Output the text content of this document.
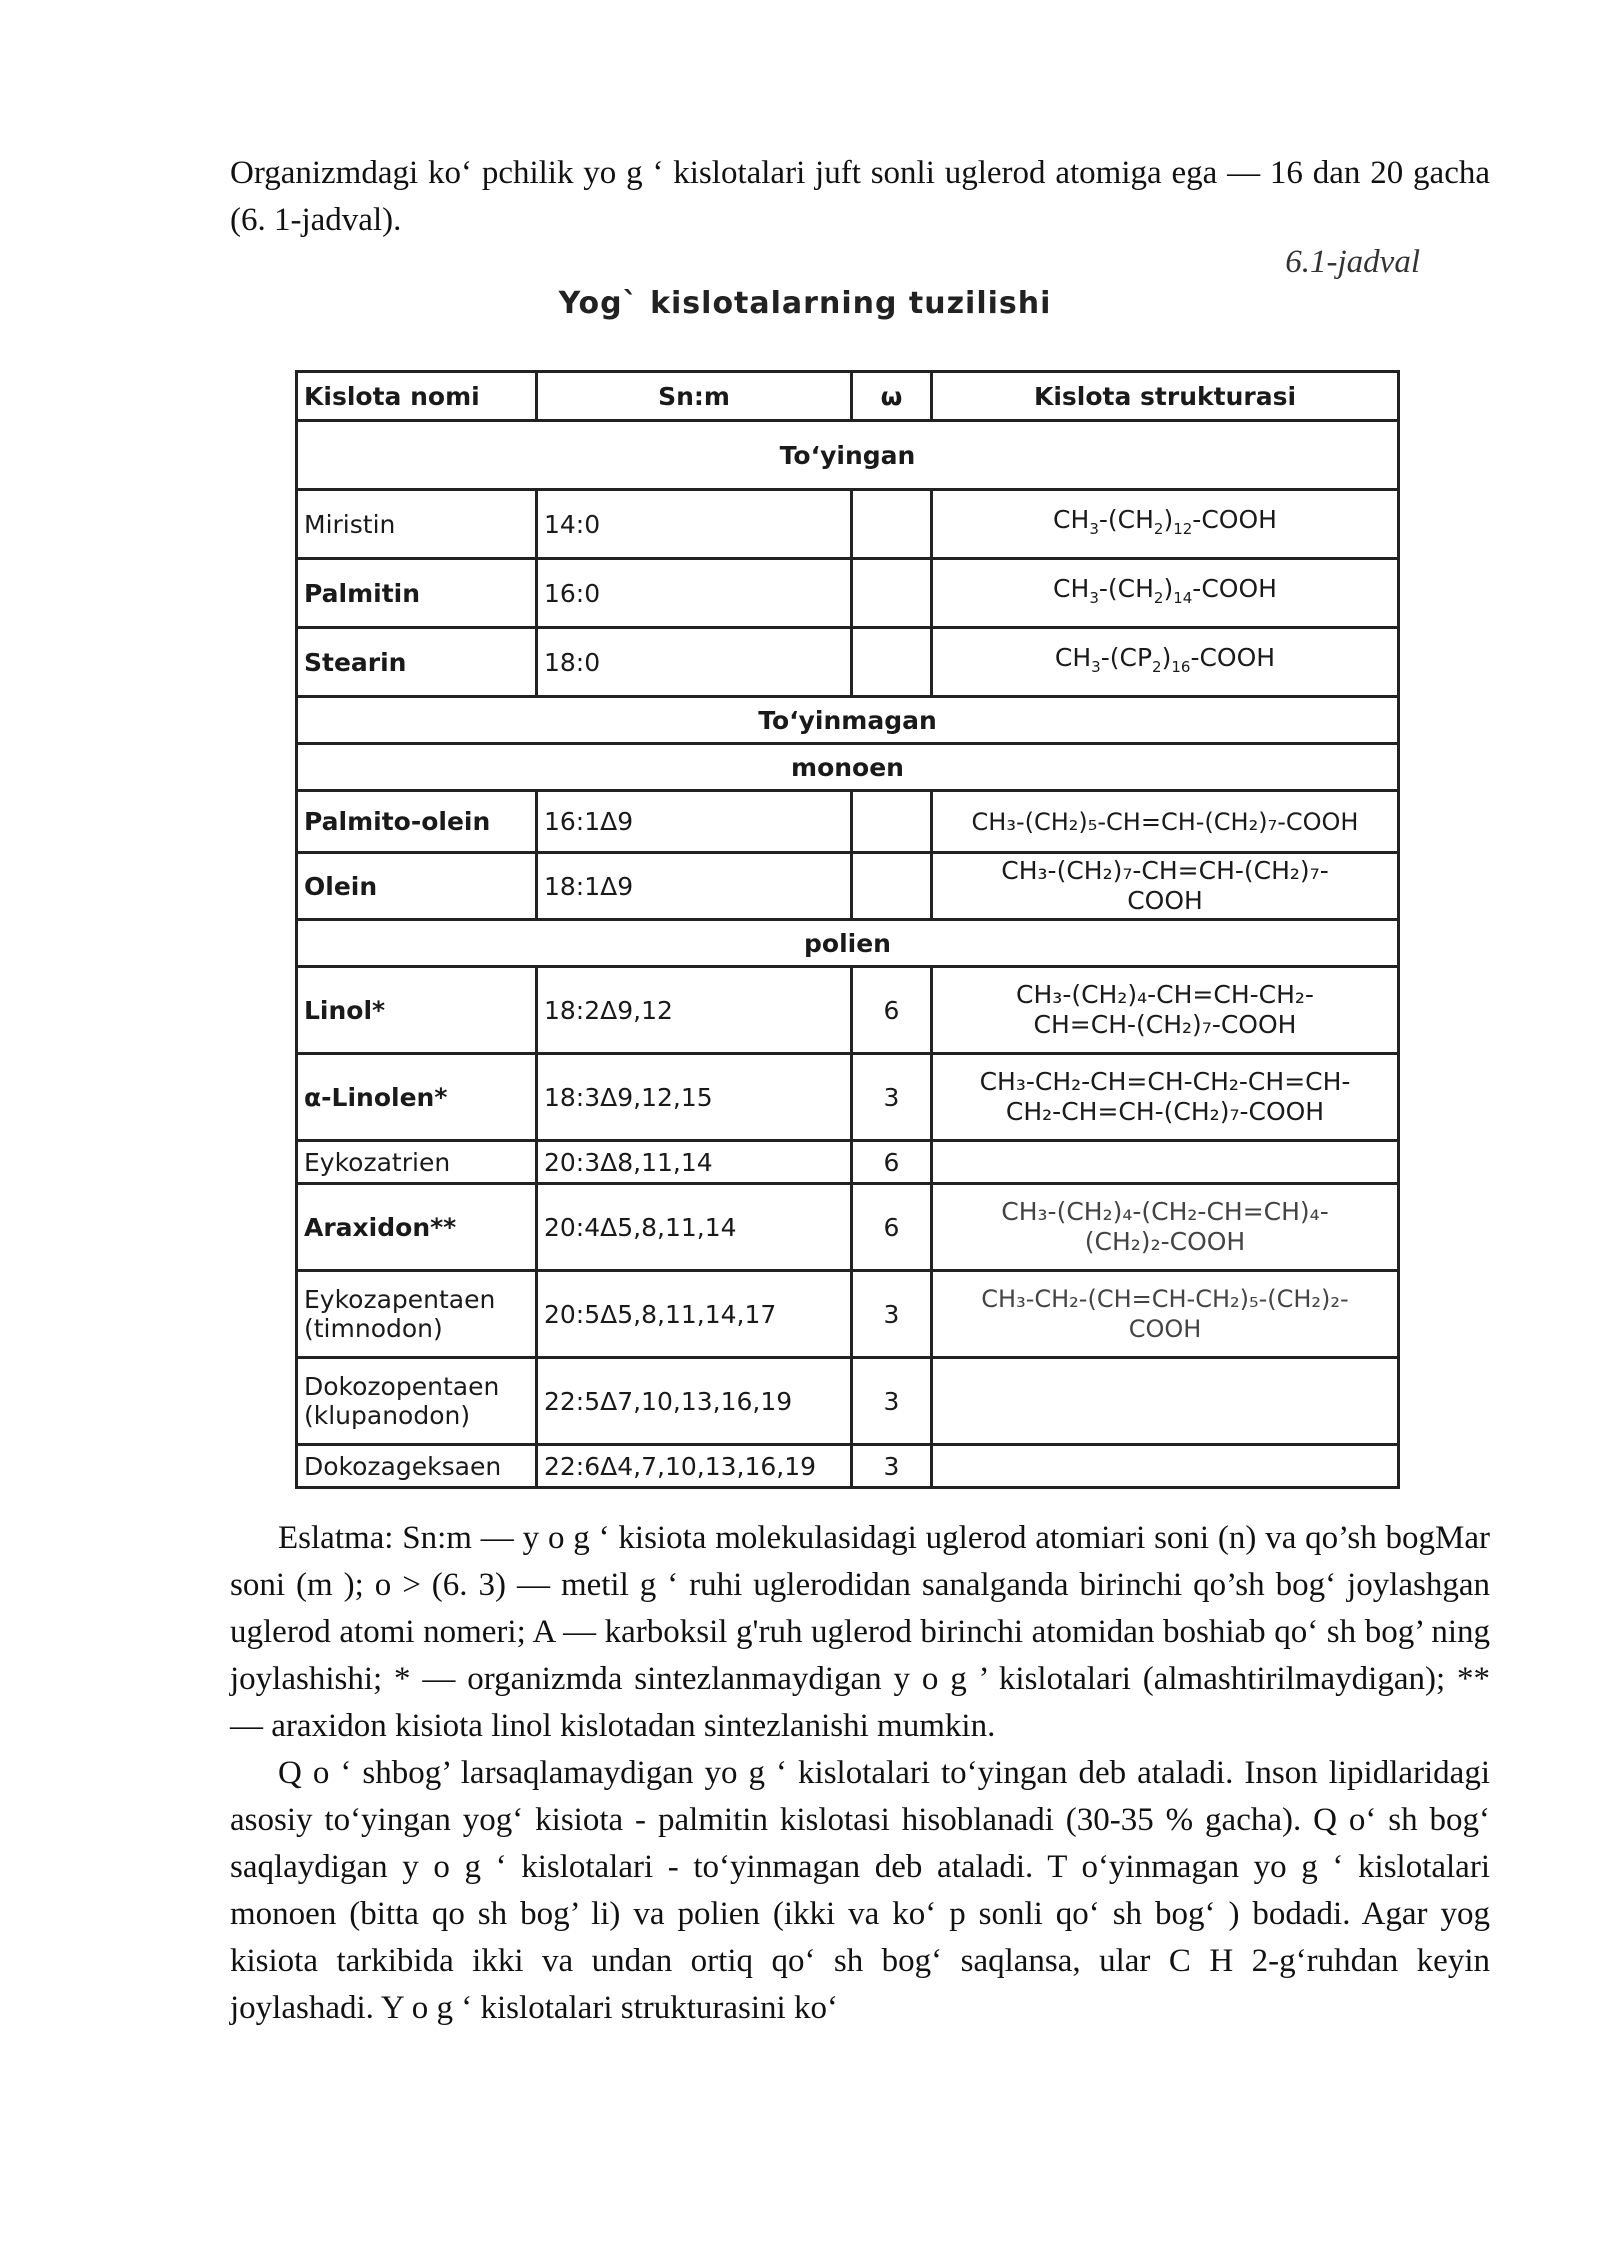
Organizmdagi ko‘ pchilik yo g ‘ kislotalari juft sonli uglerod atomiga ega — 16 dan 20 gacha (6. 1-jadval).

6.1-jadval
Yog` kislotalarning tuzilishi
Kislota nomi	Sn:m	ω	Kislota strukturasi
To‘yingan			
Miristin	14:0		$CH_3-(CH_2)_{12}$-COOH
Palmitin	16:0		$CH_3-(CH_2)_{14}$-COOH
Stearin	18:0		$CH_3-(CP_2)_{16}$-COOH
To‘yinmagan			
monoen			
Palmito-olein	16:1Δ9		CH₃-(CH₂)₅-CH=CH-(CH₂)₇-COOH

Olein	18:1Δ9		CH₃-(CH₂)₇-CH=CH-(CH₂)₇-
COOH

polien			
Linol*	18:2Δ9,12	6	CH₃-(CH₂)₄-CH=CH-CH₂-
CH=CH-(CH₂)₇-COOH

α-Linolen*	18:3Δ9,12,15	3	CH₃-CH₂-CH=CH-CH₂-CH=CH-
CH₂-CH=CH-(CH₂)₇-COOH

Eykozatrien	20:3Δ8,11,14	6	

Araxidon**	20:4Δ5,8,11,14	6	CH₃-(CH₂)₄-(CH₂-CH=CH)₄-
(CH₂)₂-COOH

Eykozapentaen (timnodon)	20:5Δ5,8,11,14,17	3	CH₃-CH₂-(CH=CH-CH₂)₅-(CH₂)₂-
COOH

Dokozopentaen (klupanodon)	22:5Δ7,10,13,16,19	3	

Dokozageksaen	22:6Δ4,7,10,13,16,19	3	

Eslatma: Sn:m — y o g ‘ kisiota molekulasidagi uglerod atomiari soni (n) va qo’sh bogMar soni (m ); o > (6. 3) — metil g ‘ ruhi uglerodidan sanalganda birinchi qo’sh bog‘ joylashgan uglerod atomi nomeri; A — karboksil g'ruh uglerod birinchi atomidan boshiab qo‘ sh bog’ ning joylashishi; * — organizmda sintezlanmaydigan y o g ’ kislotalari (almashtirilmaydigan); ** — araxidon kisiota linol kislotadan sintezlanishi mumkin.

Q o ‘ shbog’ larsaqlamaydigan yo g ‘ kislotalari to‘yingan deb ataladi. Inson lipidlaridagi asosiy to‘yingan yog‘ kisiota - palmitin kislotasi hisoblanadi (30-35 % gacha). Q o‘ sh bog‘ saqlaydigan y o g ‘ kislotalari - to‘yinmagan deb ataladi. T o‘yinmagan yo g ‘ kislotalari monoen (bitta qo sh bog’ li) va polien (ikki va ko‘ p sonli qo‘ sh bog‘ ) bodadi. Agar yog kisiota tarkibida ikki va undan ortiq qo‘ sh bog‘ saqlansa, ular C H 2-g‘ruhdan keyin joylashadi. Y o g ‘ kislotalari strukturasini ko‘
